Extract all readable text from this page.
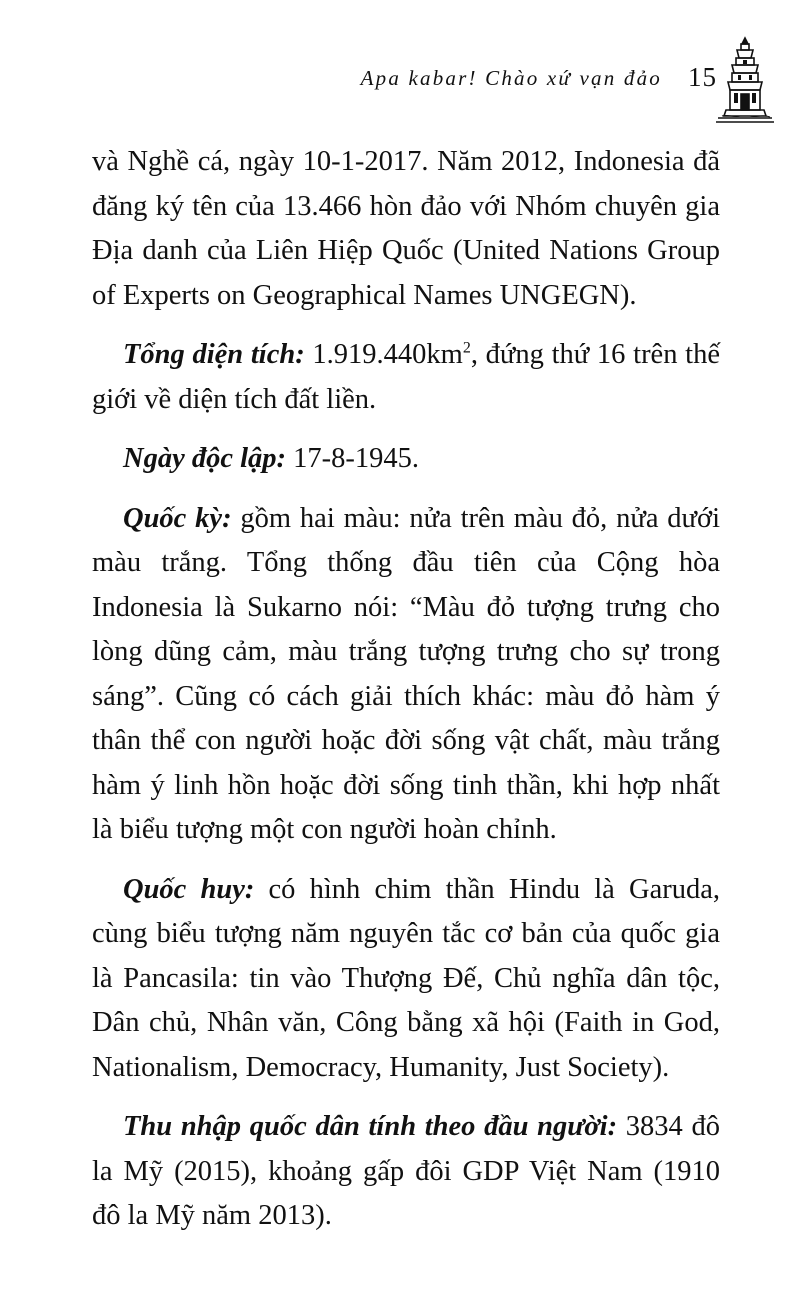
Apa kabar! Chào xứ vạn đảo 15

và Nghề cá, ngày 10-1-2017. Năm 2012, Indonesia đã đăng ký tên của 13.466 hòn đảo với Nhóm chuyên gia Địa danh của Liên Hiệp Quốc (United Nations Group of Experts on Geographical Names UNGEGN).

Tổng diện tích: $1.919.440km^2$, đứng thứ 16 trên thế giới về diện tích đất liền.

Ngày độc lập: 17-8-1945.

Quốc kỳ: gồm hai màu: nửa trên màu đỏ, nửa dưới màu trắng. Tổng thống đầu tiên của Cộng hòa Indonesia là Sukarno nói: “Màu đỏ tượng trưng cho lòng dũng cảm, màu trắng tượng trưng cho sự trong sáng”. Cũng có cách giải thích khác: màu đỏ hàm ý thân thể con người hoặc đời sống vật chất, màu trắng hàm ý linh hồn hoặc đời sống tinh thần, khi hợp nhất là biểu tượng một con người hoàn chỉnh.

Quốc huy: có hình chim thần Hindu là Garuda, cùng biểu tượng năm nguyên tắc cơ bản của quốc gia là Pancasila: tin vào Thượng Đế, Chủ nghĩa dân tộc, Dân chủ, Nhân văn, Công bằng xã hội (Faith in God, Nationalism, Democracy, Humanity, Just Society).

Thu nhập quốc dân tính theo đầu người: 3834 đô la Mỹ (2015), khoảng gấp đôi GDP Việt Nam (1910 đô la Mỹ năm 2013).
